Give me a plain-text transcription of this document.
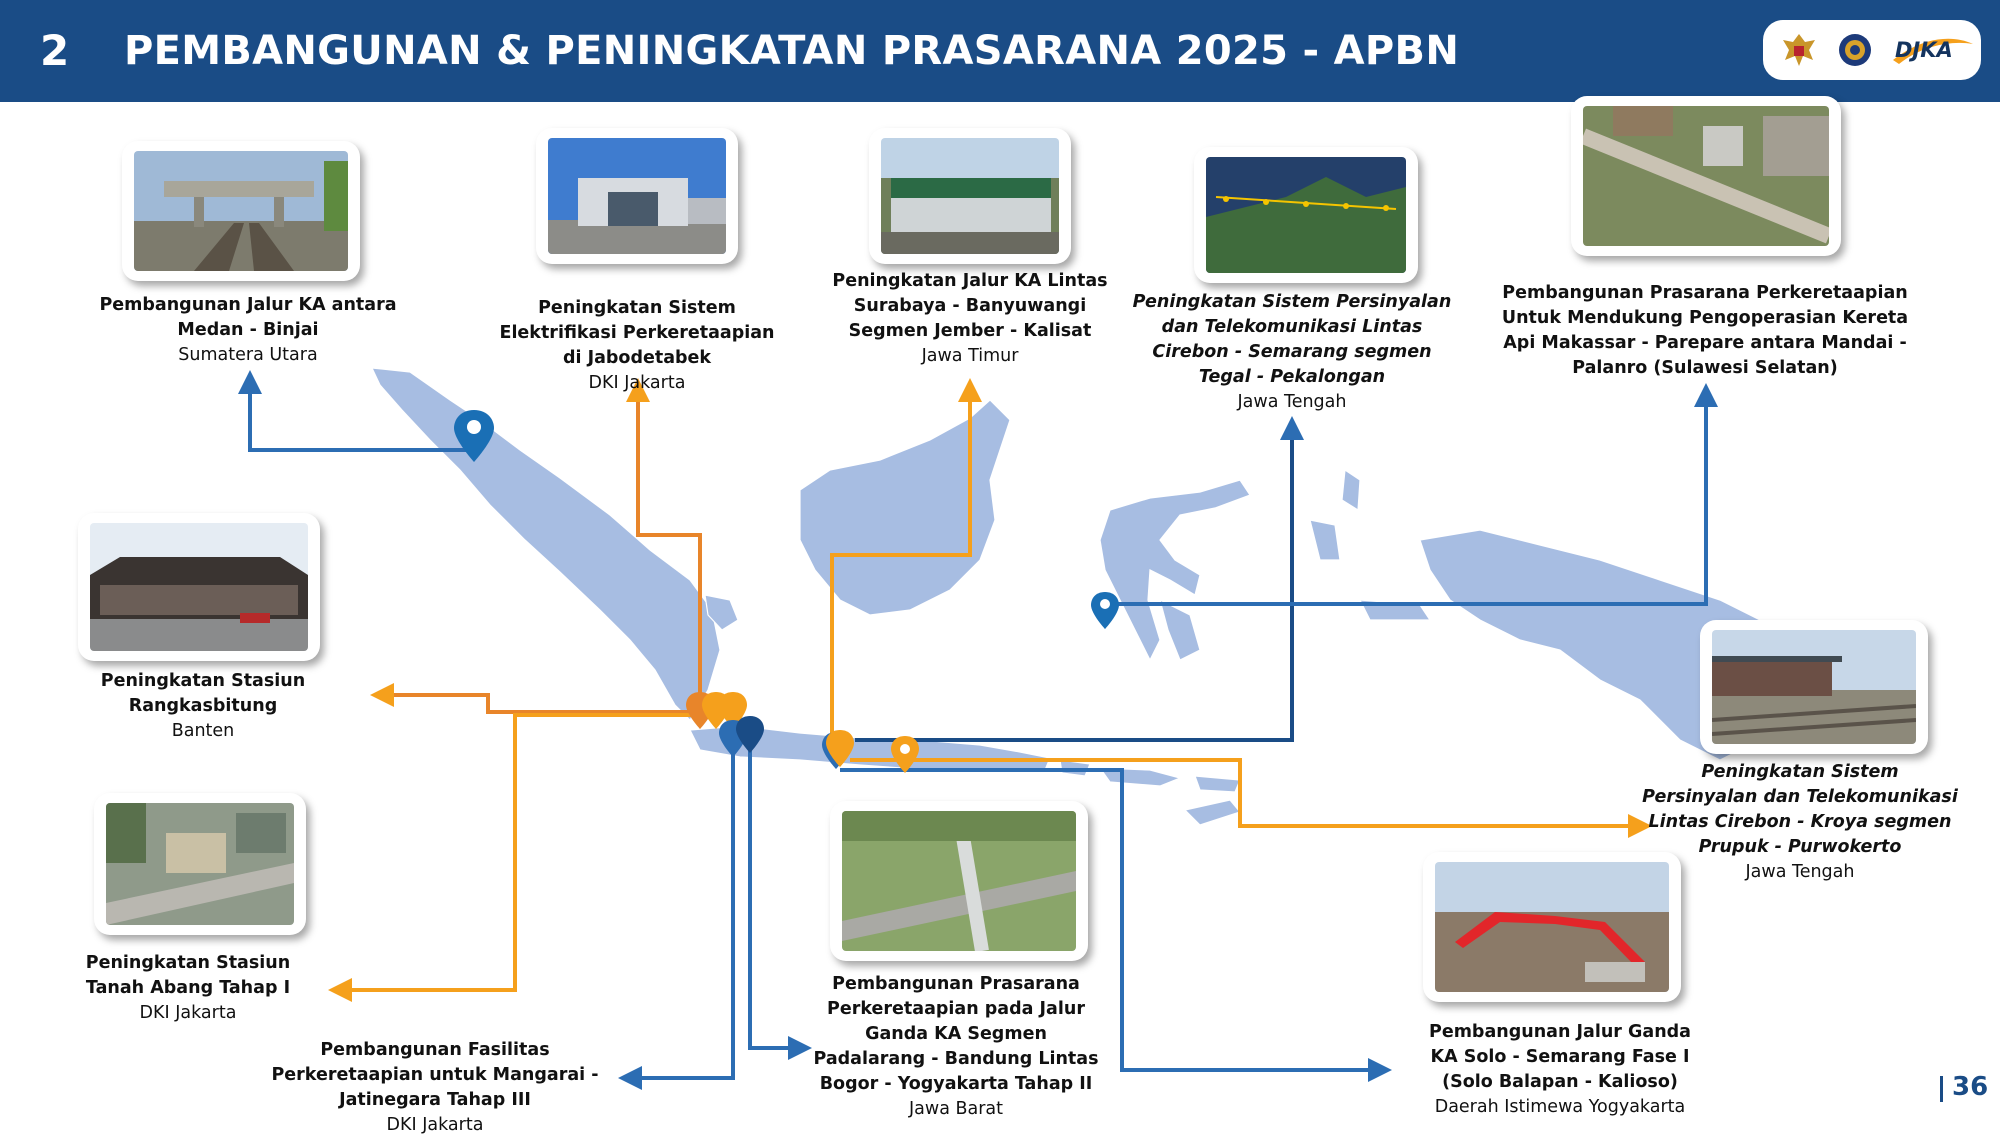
2 PEMBANGUNAN & PENINGKATAN PRASARANA 2025 - APBN	DJKA
Pembangunan Jalur KA antara Medan - Binjai
Sumatera Utara
Peningkatan Sistem Elektrifikasi Perkeretaapian di Jabodetabek
DKI Jakarta
Peningkatan Jalur KA Lintas Surabaya - Banyuwangi Segmen Jember - Kalisat
Jawa Timur
Peningkatan Sistem Persinyalan dan Telekomunikasi Lintas Cirebon - Semarang segmen Tegal - Pekalongan
Jawa Tengah
Pembangunan Prasarana Perkeretaapian Untuk Mendukung Pengoperasian Kereta Api Makassar - Parepare antara Mandai - Palanro (Sulawesi Selatan)
Peningkatan Stasiun Rangkasbitung
Banten
Peningkatan Sistem Persinyalan dan Telekomunikasi Lintas Cirebon - Kroya segmen Prupuk - Purwokerto
Jawa Tengah
Peningkatan Stasiun Tanah Abang Tahap I
DKI Jakarta
Pembangunan Fasilitas Perkeretaapian untuk Mangarai - Jatinegara Tahap III
DKI Jakarta
Pembangunan Prasarana Perkeretaapian pada Jalur Ganda KA Segmen Padalarang - Bandung Lintas Bogor - Yogyakarta Tahap II
Jawa Barat
Pembangunan Jalur Ganda KA Solo - Semarang Fase I (Solo Balapan - Kalioso)
Daerah Istimewa Yogyakarta
36
